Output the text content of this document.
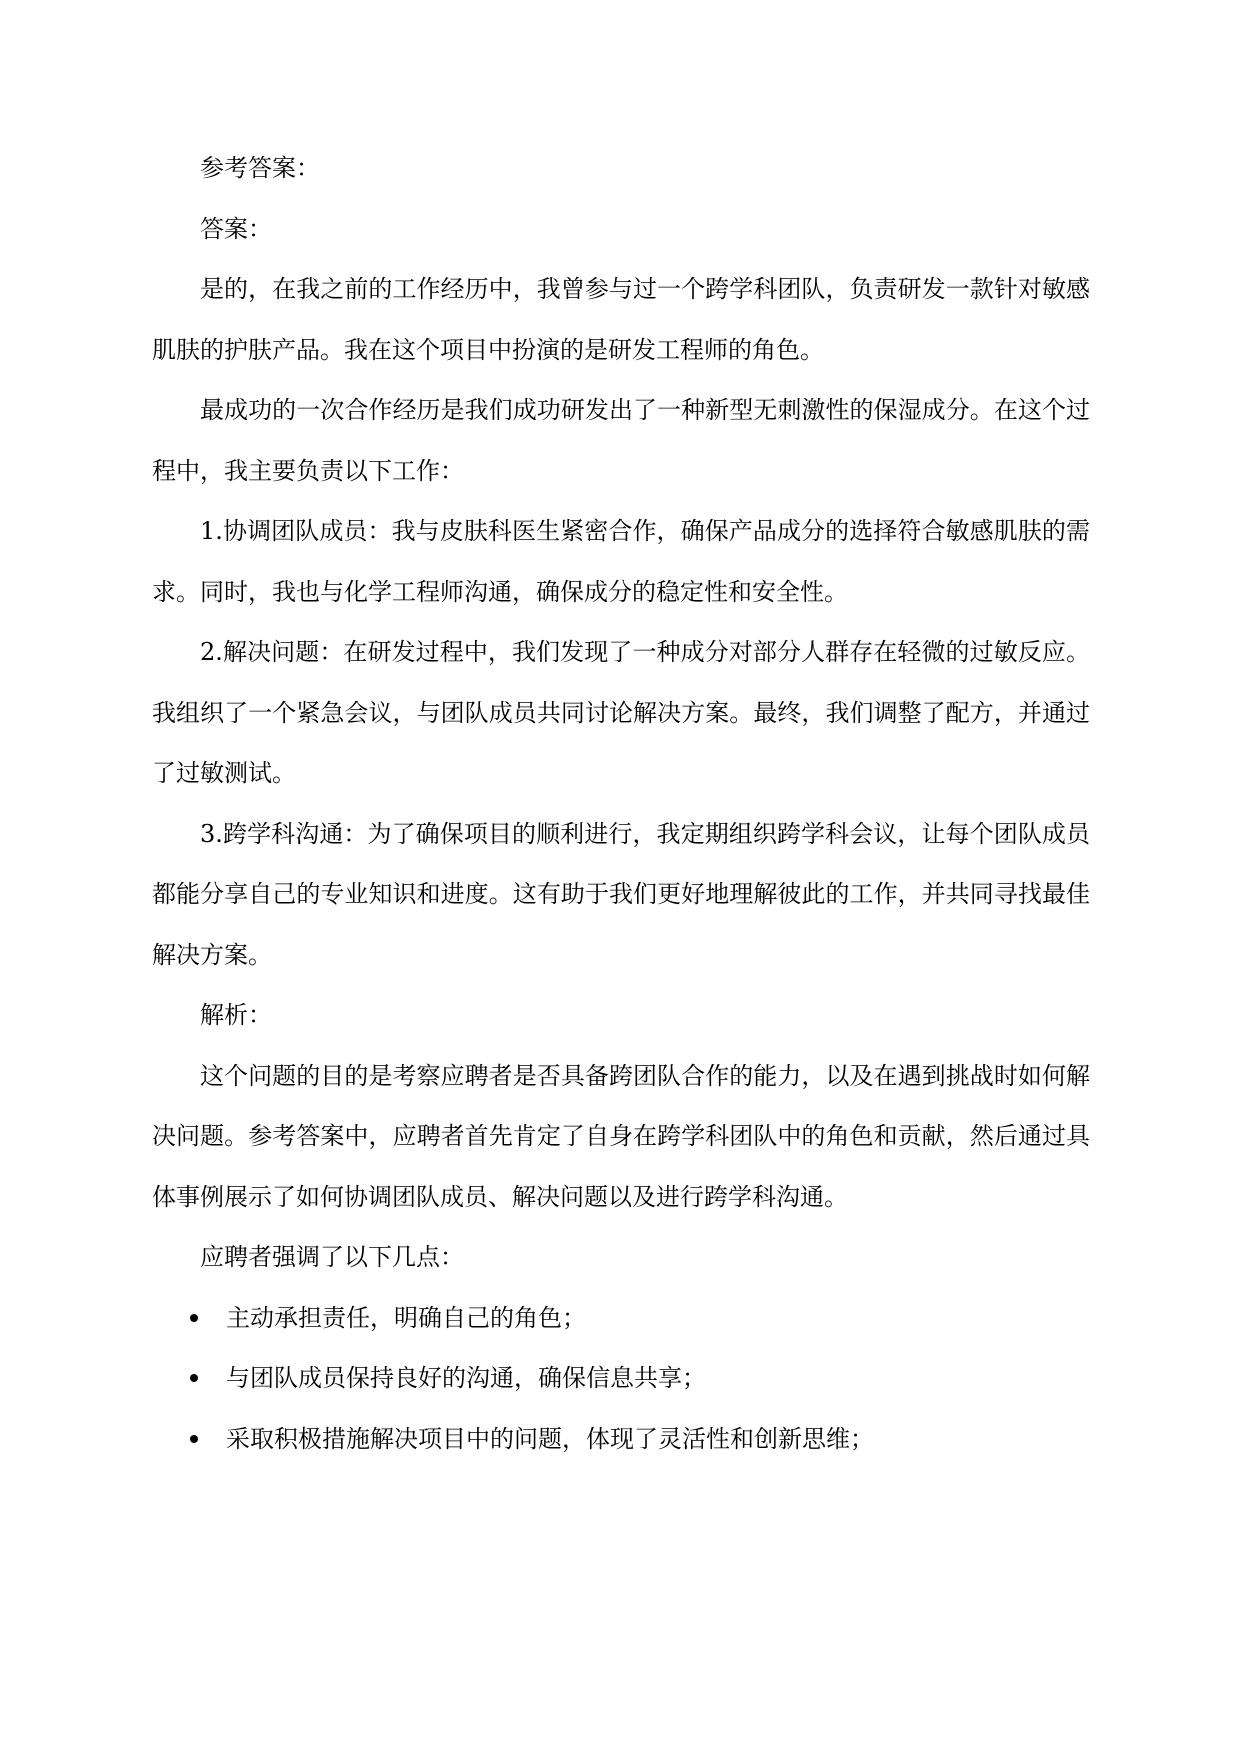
参考答案：

答案：

是的，在我之前的工作经历中，我曾参与过一个跨学科团队，负责研发一款针对敏感肌肤的护肤产品。我在这个项目中扮演的是研发工程师的角色。

最成功的一次合作经历是我们成功研发出了一种新型无刺激性的保湿成分。在这个过程中，我主要负责以下工作：

1.协调团队成员：我与皮肤科医生紧密合作，确保产品成分的选择符合敏感肌肤的需求。同时，我也与化学工程师沟通，确保成分的稳定性和安全性。

2.解决问题：在研发过程中，我们发现了一种成分对部分人群存在轻微的过敏反应。我组织了一个紧急会议，与团队成员共同讨论解决方案。最终，我们调整了配方，并通过了过敏测试。

3.跨学科沟通：为了确保项目的顺利进行，我定期组织跨学科会议，让每个团队成员都能分享自己的专业知识和进度。这有助于我们更好地理解彼此的工作，并共同寻找最佳解决方案。

解析：

这个问题的目的是考察应聘者是否具备跨团队合作的能力，以及在遇到挑战时如何解决问题。参考答案中，应聘者首先肯定了自身在跨学科团队中的角色和贡献，然后通过具体事例展示了如何协调团队成员、解决问题以及进行跨学科沟通。

应聘者强调了以下几点：

主动承担责任，明确自己的角色；
与团队成员保持良好的沟通，确保信息共享；
采取积极措施解决项目中的问题，体现了灵活性和创新思维；
